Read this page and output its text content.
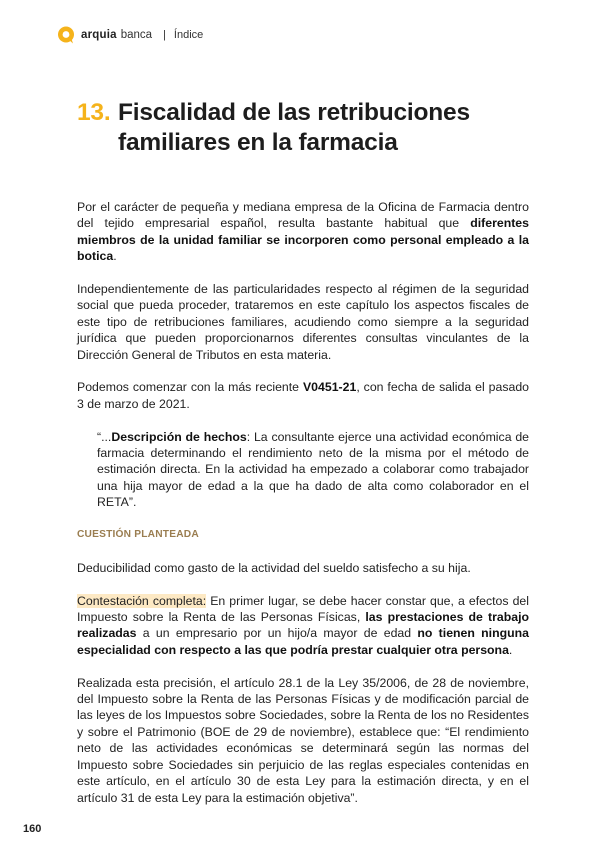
arquia banca | Índice
13. Fiscalidad de las retribuciones familiares en la farmacia

Por el carácter de pequeña y mediana empresa de la Oficina de Farmacia dentro del tejido empresarial español, resulta bastante habitual que diferentes miembros de la unidad familiar se incorporen como personal empleado a la botica.

Independientemente de las particularidades respecto al régimen de la seguridad social que pueda proceder, trataremos en este capítulo los aspectos fiscales de este tipo de retribuciones familiares, acudiendo como siempre a la seguridad jurídica que pueden proporcionarnos diferentes consultas vinculantes de la Dirección General de Tributos en esta materia.

Podemos comenzar con la más reciente V0451-21, con fecha de salida el pasado 3 de marzo de 2021.

“...Descripción de hechos: La consultante ejerce una actividad económica de farmacia determinando el rendimiento neto de la misma por el método de estimación directa. En la actividad ha empezado a colaborar como trabajador una hija mayor de edad a la que ha dado de alta como colaborador en el RETA”.

CUESTIÓN PLANTEADA

Deducibilidad como gasto de la actividad del sueldo satisfecho a su hija.

Contestación completa: En primer lugar, se debe hacer constar que, a efectos del Impuesto sobre la Renta de las Personas Físicas, las prestaciones de trabajo realizadas a un empresario por un hijo/a mayor de edad no tienen ninguna especialidad con respecto a las que podría prestar cualquier otra persona.

Realizada esta precisión, el artículo 28.1 de la Ley 35/2006, de 28 de noviembre, del Impuesto sobre la Renta de las Personas Físicas y de modificación parcial de las leyes de los Impuestos sobre Sociedades, sobre la Renta de los no Residentes y sobre el Patrimonio (BOE de 29 de noviembre), establece que: “El rendimiento neto de las actividades económicas se determinará según las normas del Impuesto sobre Sociedades sin perjuicio de las reglas especiales contenidas en este artículo, en el artículo 30 de esta Ley para la estimación directa, y en el artículo 31 de esta Ley para la estimación objetiva”.

160
